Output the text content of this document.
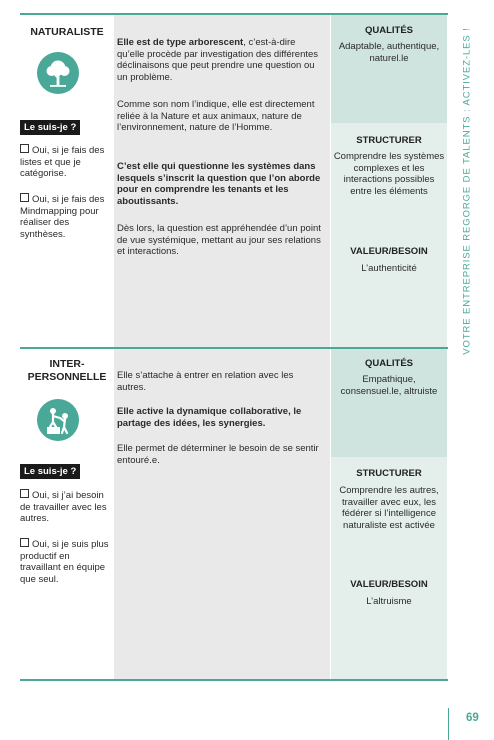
NATURALISTE
Le suis-je ?
Oui, si je fais des listes et que je catégorise.
Oui, si je fais des Mindmapping pour réaliser des synthèses.
Elle est de type arborescent, c’est-à-dire qu’elle procède par investigation des différentes déclinaisons que peut prendre une question ou un problème.
Comme son nom l’indique, elle est directement reliée à la Nature et aux animaux, nature de l’environnement, nature de l’Homme.
C’est elle qui questionne les systèmes dans lesquels s’inscrit la question que l’on aborde pour en comprendre les tenants et les aboutissants.
Dès lors, la question est appréhendée d’un point de vue systémique, mettant au jour ses relations et interactions.
QUALITÉS
Adaptable, authentique, naturel.le
STRUCTURER
Comprendre les systèmes complexes et les interactions possibles entre les éléments
VALEUR/BESOIN
L’authenticité
INTER-
PERSONNELLE
Le suis-je ?
Oui, si j’ai besoin de travailler avec les autres.
Oui, si je suis plus productif en travaillant en équipe que seul.
Elle s’attache à entrer en relation avec les autres.
Elle active la dynamique collaborative, le partage des idées, les synergies.
Elle permet de déterminer le besoin de se sentir entouré.e.
QUALITÉS
Empathique, consensuel.le, altruiste
STRUCTURER
Comprendre les autres, travailler avec eux, les fédérer si l’intelligence naturaliste est activée
VALEUR/BESOIN
L’altruisme
VOTRE ENTREPRISE REGORGE DE TALENTS : ACTIVEZ-LES !
69
